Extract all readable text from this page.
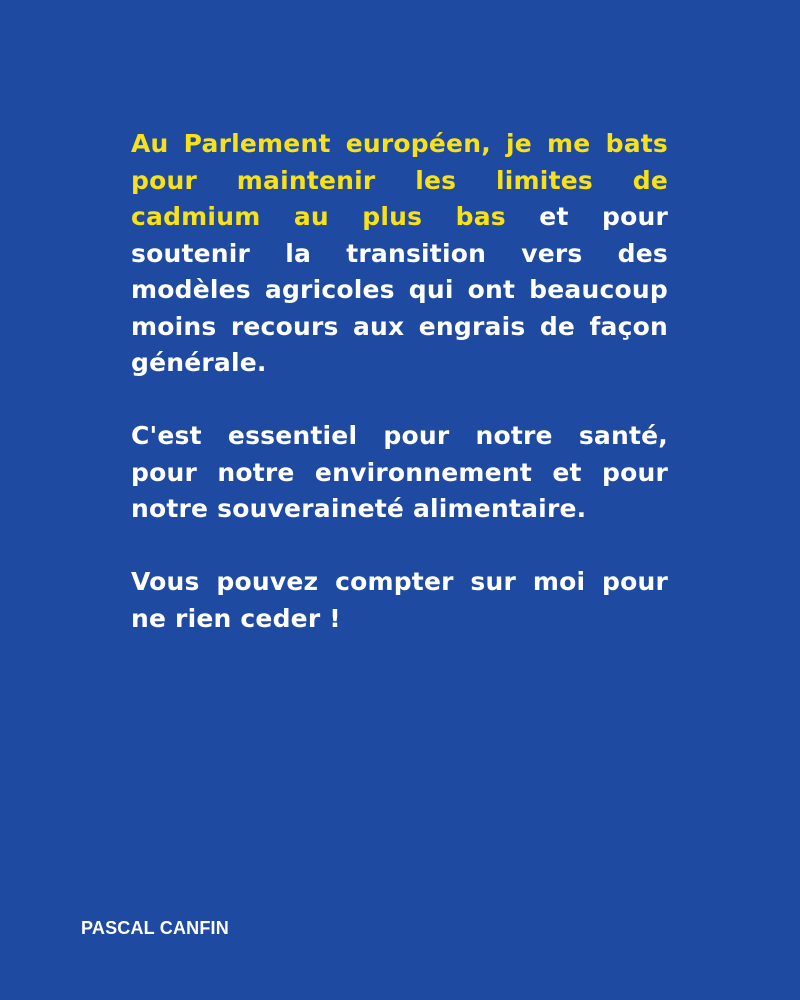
Au Parlement européen, je me bats pour maintenir les limites de cadmium au plus bas et pour soutenir la transition vers des modèles agricoles qui ont beaucoup moins recours aux engrais de façon générale.

C'est essentiel pour notre santé, pour notre environnement et pour notre souveraineté alimentaire.

Vous pouvez compter sur moi pour ne rien ceder !

PASCAL CANFIN
